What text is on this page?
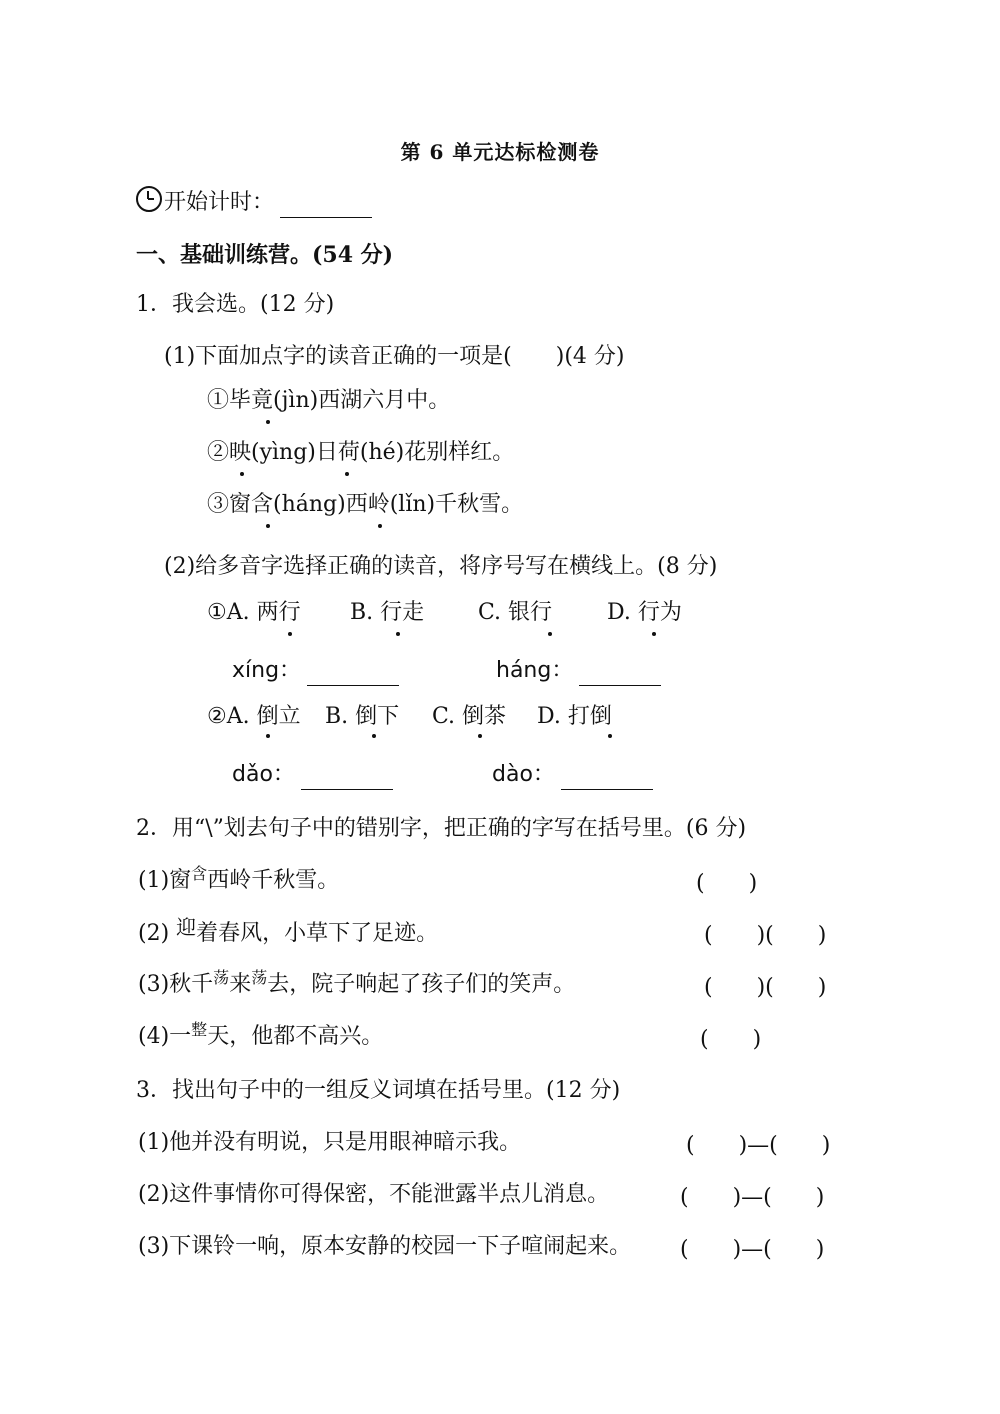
第 6 单元达标检测卷
开始计时：
一、基础训练营。(54 分)
1．我会选。(12 分)
(1)下面加点字的读音正确的一项是(　　)(4 分)
①毕竟(jìn)西湖六月中。
②映(yìng)日荷(hé)花别样红。
③窗含(háng)西岭(lǐn)千秋雪。
(2)给多音字选择正确的读音，将序号写在横线上。(8 分)
①A. 两行 B. 行走 C. 银行 D. 行为
xíng：	háng：
②A. 倒立 B. 倒下 C. 倒茶 D. 打倒
dǎo：	dào：
2．用“\”划去句子中的错别字，把正确的字写在括号里。(6 分)
(1)窗$^含$西岭千秋雪。	(　　)
(2) 迎着春风，小草下了足迹。	(　　)(　　)
(3)秋千$^荡$来$^荡$去，院子响起了孩子们的笑声。	(　　)(　　)
(4)一$^整$天，他都不高兴。	(　　)
3．找出句子中的一组反义词填在括号里。(12 分)
(1)他并没有明说，只是用眼神暗示我。	(　　)—(　　)
(2)这件事情你可得保密，不能泄露半点儿消息。	(　　)—(　　)
(3)下课铃一响，原本安静的校园一下子喧闹起来。 (　　)—(　　)
